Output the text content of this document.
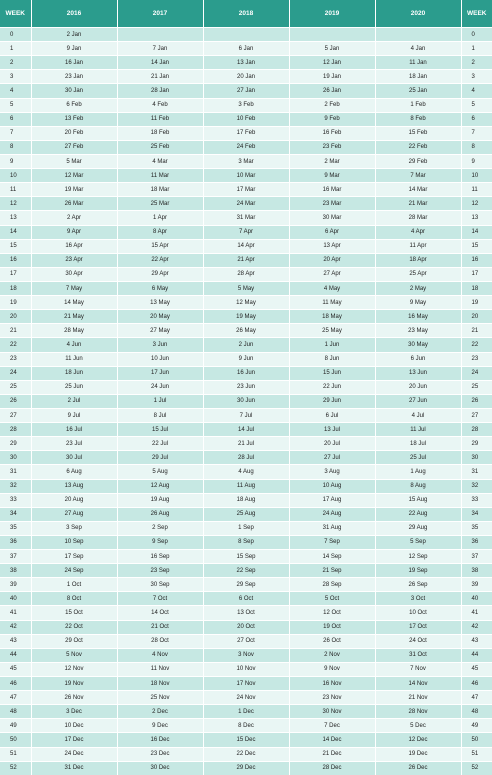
WEEK	2016	2017	2018	2019	2020	WEEK
0	2 Jan					0
1	9 Jan	7 Jan	6 Jan	5 Jan	4 Jan	1
2	16 Jan	14 Jan	13 Jan	12 Jan	11 Jan	2
3	23 Jan	21 Jan	20 Jan	19 Jan	18 Jan	3
4	30 Jan	28 Jan	27 Jan	26 Jan	25 Jan	4
5	6 Feb	4 Feb	3 Feb	2 Feb	1 Feb	5
6	13 Feb	11 Feb	10 Feb	9 Feb	8 Feb	6
7	20 Feb	18 Feb	17 Feb	16 Feb	15 Feb	7
8	27 Feb	25 Feb	24 Feb	23 Feb	22 Feb	8
9	5 Mar	4 Mar	3 Mar	2 Mar	29 Feb	9
10	12 Mar	11 Mar	10 Mar	9 Mar	7 Mar	10
11	19 Mar	18 Mar	17 Mar	16 Mar	14 Mar	11
12	26 Mar	25 Mar	24 Mar	23 Mar	21 Mar	12
13	2 Apr	1 Apr	31 Mar	30 Mar	28 Mar	13
14	9 Apr	8 Apr	7 Apr	6 Apr	4 Apr	14
15	16 Apr	15 Apr	14 Apr	13 Apr	11 Apr	15
16	23 Apr	22 Apr	21 Apr	20 Apr	18 Apr	16
17	30 Apr	29 Apr	28 Apr	27 Apr	25 Apr	17
18	7 May	6 May	5 May	4 May	2 May	18
19	14 May	13 May	12 May	11 May	9 May	19
20	21 May	20 May	19 May	18 May	16 May	20
21	28 May	27 May	26 May	25 May	23 May	21
22	4 Jun	3 Jun	2 Jun	1 Jun	30 May	22
23	11 Jun	10 Jun	9 Jun	8 Jun	6 Jun	23
24	18 Jun	17 Jun	16 Jun	15 Jun	13 Jun	24
25	25 Jun	24 Jun	23 Jun	22 Jun	20 Jun	25
26	2 Jul	1 Jul	30 Jun	29 Jun	27 Jun	26
27	9 Jul	8 Jul	7 Jul	6 Jul	4 Jul	27
28	16 Jul	15 Jul	14 Jul	13 Jul	11 Jul	28
29	23 Jul	22 Jul	21 Jul	20 Jul	18 Jul	29
30	30 Jul	29 Jul	28 Jul	27 Jul	25 Jul	30
31	6 Aug	5 Aug	4 Aug	3 Aug	1 Aug	31
32	13 Aug	12 Aug	11 Aug	10 Aug	8 Aug	32
33	20 Aug	19 Aug	18 Aug	17 Aug	15 Aug	33
34	27 Aug	26 Aug	25 Aug	24 Aug	22 Aug	34
35	3 Sep	2 Sep	1 Sep	31 Aug	29 Aug	35
36	10 Sep	9 Sep	8 Sep	7 Sep	5 Sep	36
37	17 Sep	16 Sep	15 Sep	14 Sep	12 Sep	37
38	24 Sep	23 Sep	22 Sep	21 Sep	19 Sep	38
39	1 Oct	30 Sep	29 Sep	28 Sep	26 Sep	39
40	8 Oct	7 Oct	6 Oct	5 Oct	3 Oct	40
41	15 Oct	14 Oct	13 Oct	12 Oct	10 Oct	41
42	22 Oct	21 Oct	20 Oct	19 Oct	17 Oct	42
43	29 Oct	28 Oct	27 Oct	26 Oct	24 Oct	43
44	5 Nov	4 Nov	3 Nov	2 Nov	31 Oct	44
45	12 Nov	11 Nov	10 Nov	9 Nov	7 Nov	45
46	19 Nov	18 Nov	17 Nov	16 Nov	14 Nov	46
47	26 Nov	25 Nov	24 Nov	23 Nov	21 Nov	47
48	3 Dec	2 Dec	1 Dec	30 Nov	28 Nov	48
49	10 Dec	9 Dec	8 Dec	7 Dec	5 Dec	49
50	17 Dec	16 Dec	15 Dec	14 Dec	12 Dec	50
51	24 Dec	23 Dec	22 Dec	21 Dec	19 Dec	51
52	31 Dec	30 Dec	29 Dec	28 Dec	26 Dec	52
